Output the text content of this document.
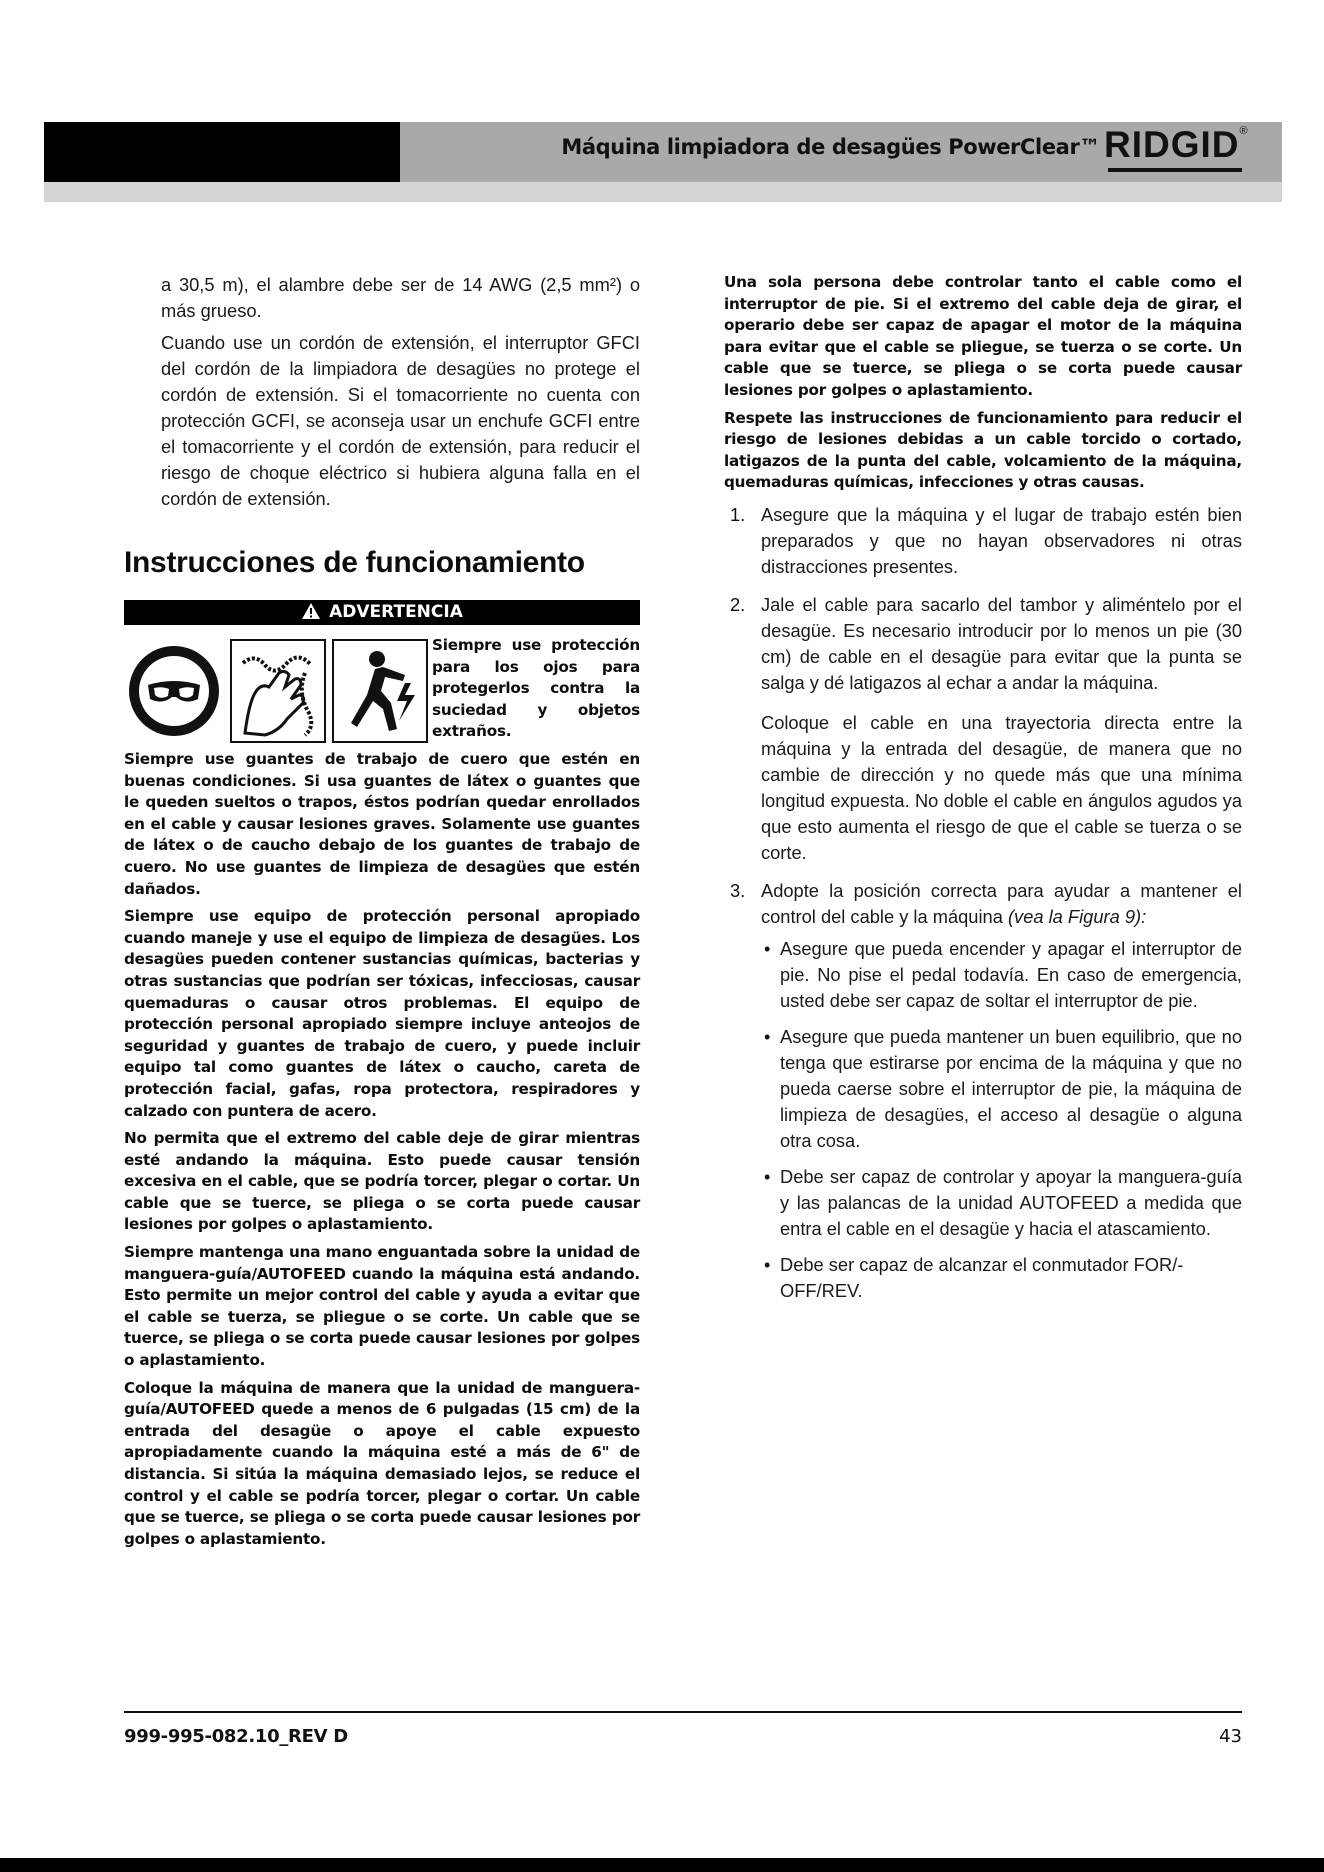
Máquina limpiadora de desagües PowerClear™ RIDGID®

a 30,5 m), el alambre debe ser de 14 AWG (2,5 mm²) o más grueso.

Cuando use un cordón de extensión, el interruptor GFCI del cordón de la limpiadora de desagües no protege el cordón de extensión. Si el tomacorriente no cuenta con protección GCFI, se aconseja usar un enchufe GCFI entre el tomacorriente y el cordón de extensión, para reducir el riesgo de choque eléctrico si hubiera alguna falla en el cordón de extensión.

Instrucciones de funcionamiento
ADVERTENCIA

Siempre use protección para los ojos para protegerlos contra la suciedad y objetos extraños.

Siempre use guantes de trabajo de cuero que estén en buenas condiciones. Si usa guantes de látex o guantes que le queden sueltos o trapos, éstos podrían quedar enrollados en el cable y causar lesiones graves. Solamente use guantes de látex o de caucho debajo de los guantes de trabajo de cuero. No use guantes de limpieza de desagües que estén dañados.

Siempre use equipo de protección personal apropiado cuando maneje y use el equipo de limpieza de desagües. Los desagües pueden contener sustancias químicas, bacterias y otras sustancias que podrían ser tóxicas, infecciosas, causar quemaduras o causar otros problemas. El equipo de protección personal apropiado siempre incluye anteojos de seguridad y guantes de trabajo de cuero, y puede incluir equipo tal como guantes de látex o caucho, careta de protección facial, gafas, ropa protectora, respiradores y calzado con puntera de acero.

No permita que el extremo del cable deje de girar mientras esté andando la máquina. Esto puede causar tensión excesiva en el cable, que se podría torcer, plegar o cortar. Un cable que se tuerce, se pliega o se corta puede causar lesiones por golpes o aplastamiento.

Siempre mantenga una mano enguantada sobre la unidad de manguera-guía/AUTOFEED cuando la máquina está andando. Esto permite un mejor control del cable y ayuda a evitar que el cable se tuerza, se pliegue o se corte. Un cable que se tuerce, se pliega o se corta puede causar lesiones por golpes o aplastamiento.

Coloque la máquina de manera que la unidad de manguera-guía/AUTOFEED quede a menos de 6 pulgadas (15 cm) de la entrada del desagüe o apoye el cable expuesto apropiadamente cuando la máquina esté a más de 6" de distancia. Si sitúa la máquina demasiado lejos, se reduce el control y el cable se podría torcer, plegar o cortar. Un cable que se tuerce, se pliega o se corta puede causar lesiones por golpes o aplastamiento.

Una sola persona debe controlar tanto el cable como el interruptor de pie. Si el extremo del cable deja de girar, el operario debe ser capaz de apagar el motor de la máquina para evitar que el cable se pliegue, se tuerza o se corte. Un cable que se tuerce, se pliega o se corta puede causar lesiones por golpes o aplastamiento.

Respete las instrucciones de funcionamiento para reducir el riesgo de lesiones debidas a un cable torcido o cortado, latigazos de la punta del cable, volcamiento de la máquina, quemaduras químicas, infecciones y otras causas.

1. Asegure que la máquina y el lugar de trabajo estén bien preparados y que no hayan observadores ni otras distracciones presentes.

2. Jale el cable para sacarlo del tambor y aliméntelo por el desagüe. Es necesario introducir por lo menos un pie (30 cm) de cable en el desagüe para evitar que la punta se salga y dé latigazos al echar a andar la máquina.

Coloque el cable en una trayectoria directa entre la máquina y la entrada del desagüe, de manera que no cambie de dirección y no quede más que una mínima longitud expuesta. No doble el cable en ángulos agudos ya que esto aumenta el riesgo de que el cable se tuerza o se corte.

3. Adopte la posición correcta para ayudar a mantener el control del cable y la máquina (vea la Figura 9):

• Asegure que pueda encender y apagar el interruptor de pie. No pise el pedal todavía. En caso de emergencia, usted debe ser capaz de soltar el interruptor de pie.

• Asegure que pueda mantener un buen equilibrio, que no tenga que estirarse por encima de la máquina y que no pueda caerse sobre el interruptor de pie, la máquina de limpieza de desagües, el acceso al desagüe o alguna otra cosa.

• Debe ser capaz de controlar y apoyar la manguera-guía y las palancas de la unidad AUTOFEED a medida que entra el cable en el desagüe y hacia el atascamiento.

• Debe ser capaz de alcanzar el conmutador FOR/-OFF/REV.

999-995-082.10_REV D	43
